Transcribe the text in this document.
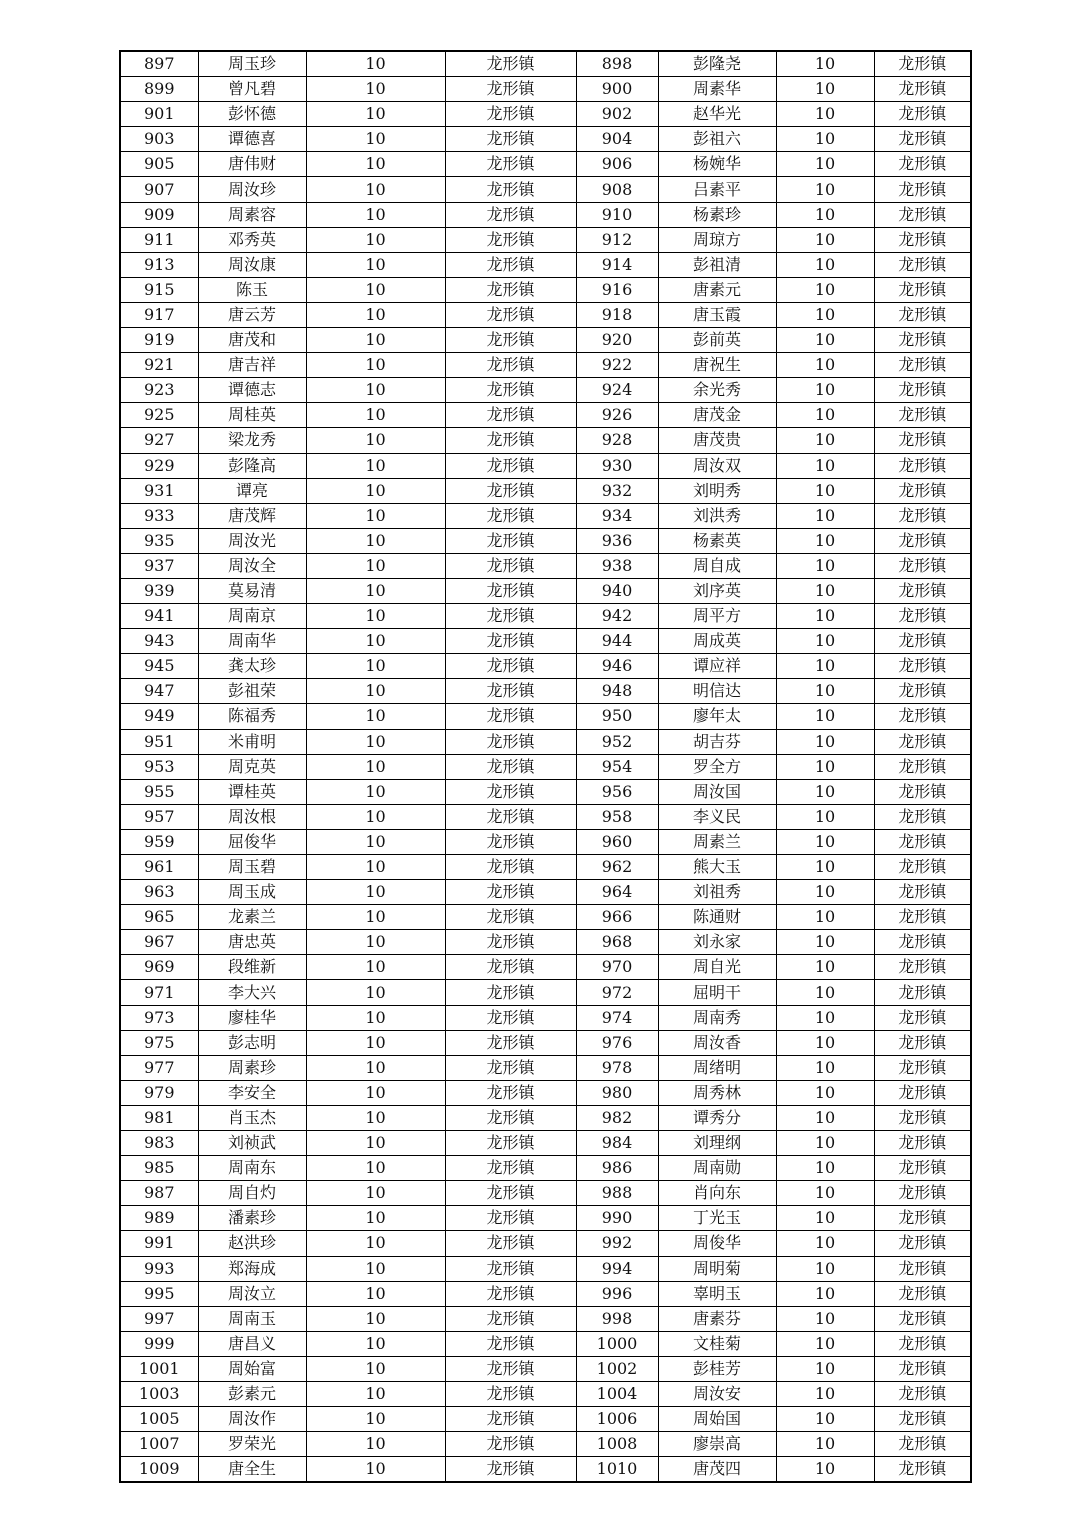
897	周玉珍	10	龙形镇	898	彭隆尧	10	龙形镇
899	曾凡碧	10	龙形镇	900	周素华	10	龙形镇
901	彭怀德	10	龙形镇	902	赵华光	10	龙形镇
903	谭德喜	10	龙形镇	904	彭祖六	10	龙形镇
905	唐伟财	10	龙形镇	906	杨婉华	10	龙形镇
907	周汝珍	10	龙形镇	908	吕素平	10	龙形镇
909	周素容	10	龙形镇	910	杨素珍	10	龙形镇
911	邓秀英	10	龙形镇	912	周琼方	10	龙形镇
913	周汝康	10	龙形镇	914	彭祖清	10	龙形镇
915	陈玉	10	龙形镇	916	唐素元	10	龙形镇
917	唐云芳	10	龙形镇	918	唐玉霞	10	龙形镇
919	唐茂和	10	龙形镇	920	彭前英	10	龙形镇
921	唐吉祥	10	龙形镇	922	唐祝生	10	龙形镇
923	谭德志	10	龙形镇	924	余光秀	10	龙形镇
925	周桂英	10	龙形镇	926	唐茂金	10	龙形镇
927	梁龙秀	10	龙形镇	928	唐茂贵	10	龙形镇
929	彭隆高	10	龙形镇	930	周汝双	10	龙形镇
931	谭亮	10	龙形镇	932	刘明秀	10	龙形镇
933	唐茂辉	10	龙形镇	934	刘洪秀	10	龙形镇
935	周汝光	10	龙形镇	936	杨素英	10	龙形镇
937	周汝全	10	龙形镇	938	周自成	10	龙形镇
939	莫易清	10	龙形镇	940	刘序英	10	龙形镇
941	周南京	10	龙形镇	942	周平方	10	龙形镇
943	周南华	10	龙形镇	944	周成英	10	龙形镇
945	龚太珍	10	龙形镇	946	谭应祥	10	龙形镇
947	彭祖荣	10	龙形镇	948	明信达	10	龙形镇
949	陈福秀	10	龙形镇	950	廖年太	10	龙形镇
951	米甫明	10	龙形镇	952	胡吉芬	10	龙形镇
953	周克英	10	龙形镇	954	罗全方	10	龙形镇
955	谭桂英	10	龙形镇	956	周汝国	10	龙形镇
957	周汝根	10	龙形镇	958	李义民	10	龙形镇
959	屈俊华	10	龙形镇	960	周素兰	10	龙形镇
961	周玉碧	10	龙形镇	962	熊大玉	10	龙形镇
963	周玉成	10	龙形镇	964	刘祖秀	10	龙形镇
965	龙素兰	10	龙形镇	966	陈通财	10	龙形镇
967	唐忠英	10	龙形镇	968	刘永家	10	龙形镇
969	段维新	10	龙形镇	970	周自光	10	龙形镇
971	李大兴	10	龙形镇	972	屈明干	10	龙形镇
973	廖桂华	10	龙形镇	974	周南秀	10	龙形镇
975	彭志明	10	龙形镇	976	周汝香	10	龙形镇
977	周素珍	10	龙形镇	978	周绪明	10	龙形镇
979	李安全	10	龙形镇	980	周秀林	10	龙形镇
981	肖玉杰	10	龙形镇	982	谭秀分	10	龙形镇
983	刘祯武	10	龙形镇	984	刘理纲	10	龙形镇
985	周南东	10	龙形镇	986	周南勋	10	龙形镇
987	周自灼	10	龙形镇	988	肖向东	10	龙形镇
989	潘素珍	10	龙形镇	990	丁光玉	10	龙形镇
991	赵洪珍	10	龙形镇	992	周俊华	10	龙形镇
993	郑海成	10	龙形镇	994	周明菊	10	龙形镇
995	周汝立	10	龙形镇	996	辜明玉	10	龙形镇
997	周南玉	10	龙形镇	998	唐素芬	10	龙形镇
999	唐昌义	10	龙形镇	1000	文桂菊	10	龙形镇
1001	周始富	10	龙形镇	1002	彭桂芳	10	龙形镇
1003	彭素元	10	龙形镇	1004	周汝安	10	龙形镇
1005	周汝作	10	龙形镇	1006	周始国	10	龙形镇
1007	罗荣光	10	龙形镇	1008	廖崇高	10	龙形镇
1009	唐全生	10	龙形镇	1010	唐茂四	10	龙形镇
